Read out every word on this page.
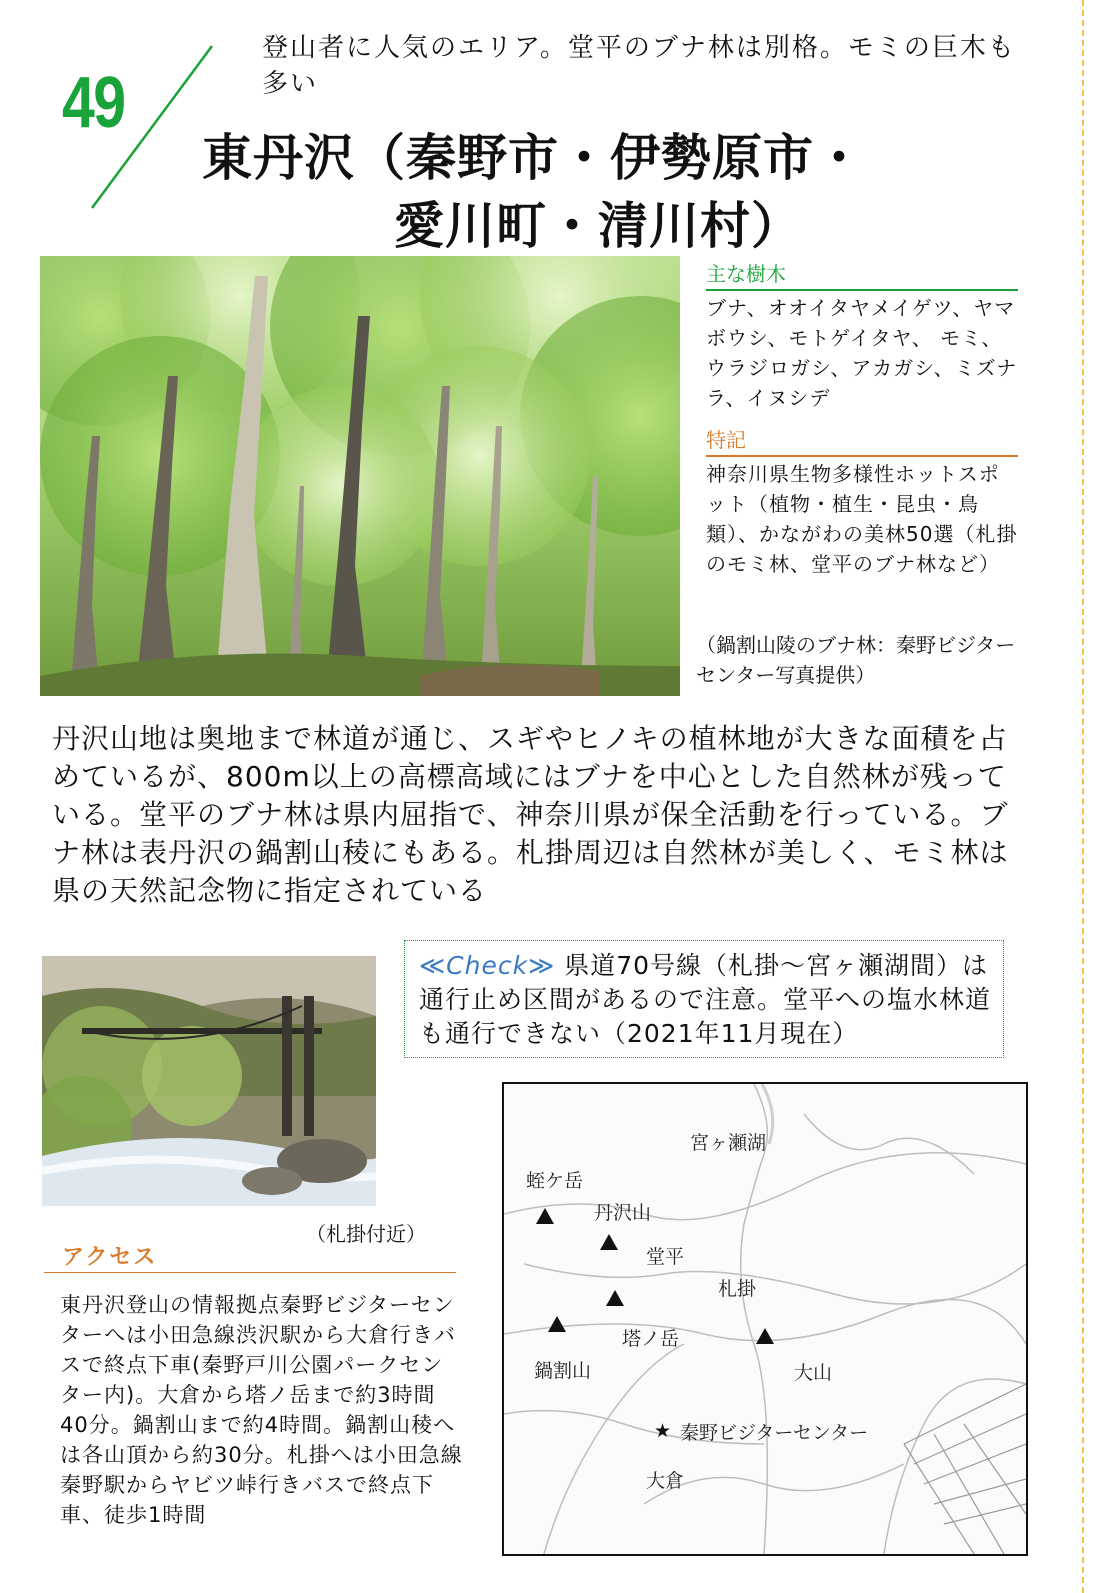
49
登山者に人気のエリア。堂平のブナ林は別格。モミの巨木も多い
東丹沢（秦野市・伊勢原市・
愛川町・清川村）
主な樹木
ブナ、オオイタヤメイゲツ、ヤマボウシ、モトゲイタヤ、 モミ、ウラジロガシ、アカガシ、ミズナラ、イヌシデ
特記
神奈川県生物多様性ホットスポット（植物・植生・昆虫・鳥類）、かながわの美林50選（札掛のモミ林、堂平のブナ林など）
（鍋割山陵のブナ林：秦野ビジターセンター写真提供）
丹沢山地は奥地まで林道が通じ、スギやヒノキの植林地が大きな面積を占めているが、800m以上の高標高域にはブナを中心とした自然林が残っている。堂平のブナ林は県内屈指で、神奈川県が保全活動を行っている。ブナ林は表丹沢の鍋割山稜にもある。札掛周辺は自然林が美しく、モミ林は県の天然記念物に指定されている
（札掛付近）
≪Check≫ 県道70号線（札掛～宮ヶ瀬湖間）は通行止め区間があるので注意。堂平への塩水林道も通行できない（2021年11月現在）
アクセス
東丹沢登山の情報拠点秦野ビジターセンターへは小田急線渋沢駅から大倉行きバスで終点下車(秦野戸川公園パークセンター内)。大倉から塔ノ岳まで約3時間40分。鍋割山まで約4時間。鍋割山稜へは各山頂から約30分。札掛へは小田急線秦野駅からヤビツ峠行きバスで終点下車、徒歩1時間
宮ヶ瀬湖
蛭ケ岳
丹沢山
堂平
札掛
塔ノ岳
鍋割山	大山
★ 秦野ビジターセンター
大倉
